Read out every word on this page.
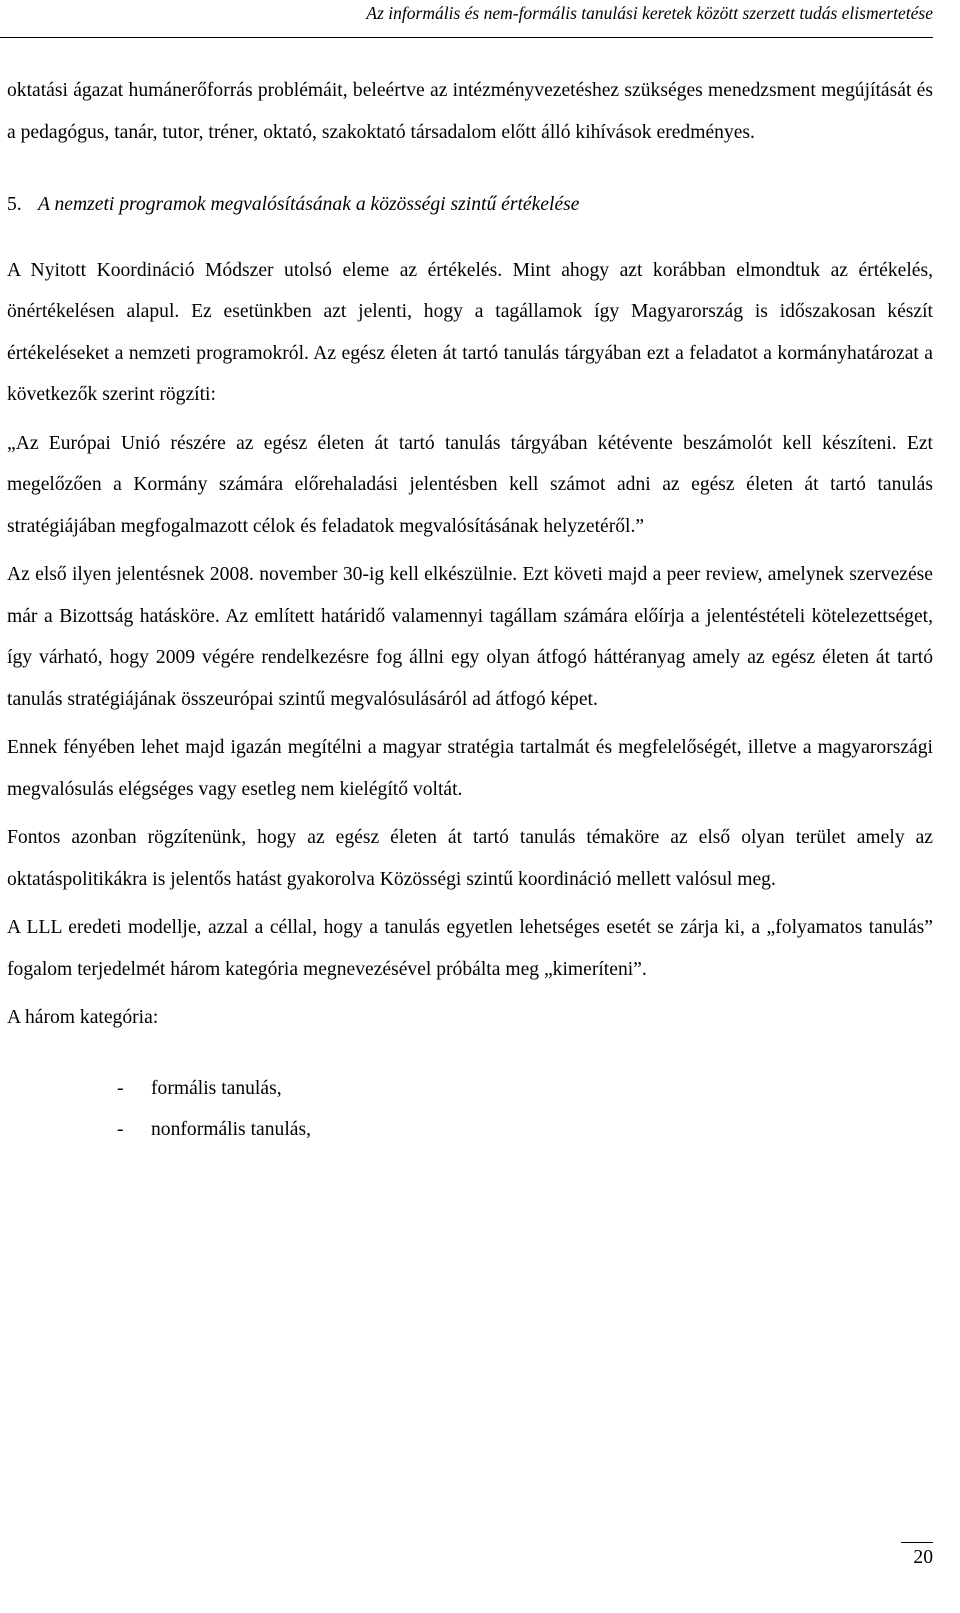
Az informális és nem-formális tanulási keretek között szerzett tudás elismertetése

oktatási ágazat humánerőforrás problémáit, beleértve az intézményvezetéshez szükséges menedzsment megújítását és a pedagógus, tanár, tutor, tréner, oktató, szakoktató társadalom előtt álló kihívások eredményes.

5. A nemzeti programok megvalósításának a közösségi szintű értékelése

A Nyitott Koordináció Módszer utolsó eleme az értékelés. Mint ahogy azt korábban elmondtuk az értékelés, önértékelésen alapul. Ez esetünkben azt jelenti, hogy a tagállamok így Magyarország is időszakosan készít értékeléseket a nemzeti programokról. Az egész életen át tartó tanulás tárgyában ezt a feladatot a kormányhatározat a következők szerint rögzíti:

„Az Európai Unió részére az egész életen át tartó tanulás tárgyában kétévente beszámolót kell készíteni. Ezt megelőzően a Kormány számára előrehaladási jelentésben kell számot adni az egész életen át tartó tanulás stratégiájában megfogalmazott célok és feladatok megvalósításának helyzetéről.”

Az első ilyen jelentésnek 2008. november 30-ig kell elkészülnie. Ezt követi majd a peer review, amelynek szervezése már a Bizottság hatásköre. Az említett határidő valamennyi tagállam számára előírja a jelentéstételi kötelezettséget, így várható, hogy 2009 végére rendelkezésre fog állni egy olyan átfogó háttéranyag amely az egész életen át tartó tanulás stratégiájának összeurópai szintű megvalósulásáról ad átfogó képet.

Ennek fényében lehet majd igazán megítélni a magyar stratégia tartalmát és megfelelőségét, illetve a magyarországi megvalósulás elégséges vagy esetleg nem kielégítő voltát.

Fontos azonban rögzítenünk, hogy az egész életen át tartó tanulás témaköre az első olyan terület amely az oktatáspolitikákra is jelentős hatást gyakorolva Közösségi szintű koordináció mellett valósul meg.

A LLL eredeti modellje, azzal a céllal, hogy a tanulás egyetlen lehetséges esetét se zárja ki, a „folyamatos tanulás” fogalom terjedelmét három kategória megnevezésével próbálta meg „kimeríteni”.

A három kategória:

- formális tanulás,
- nonformális tanulás,
20
